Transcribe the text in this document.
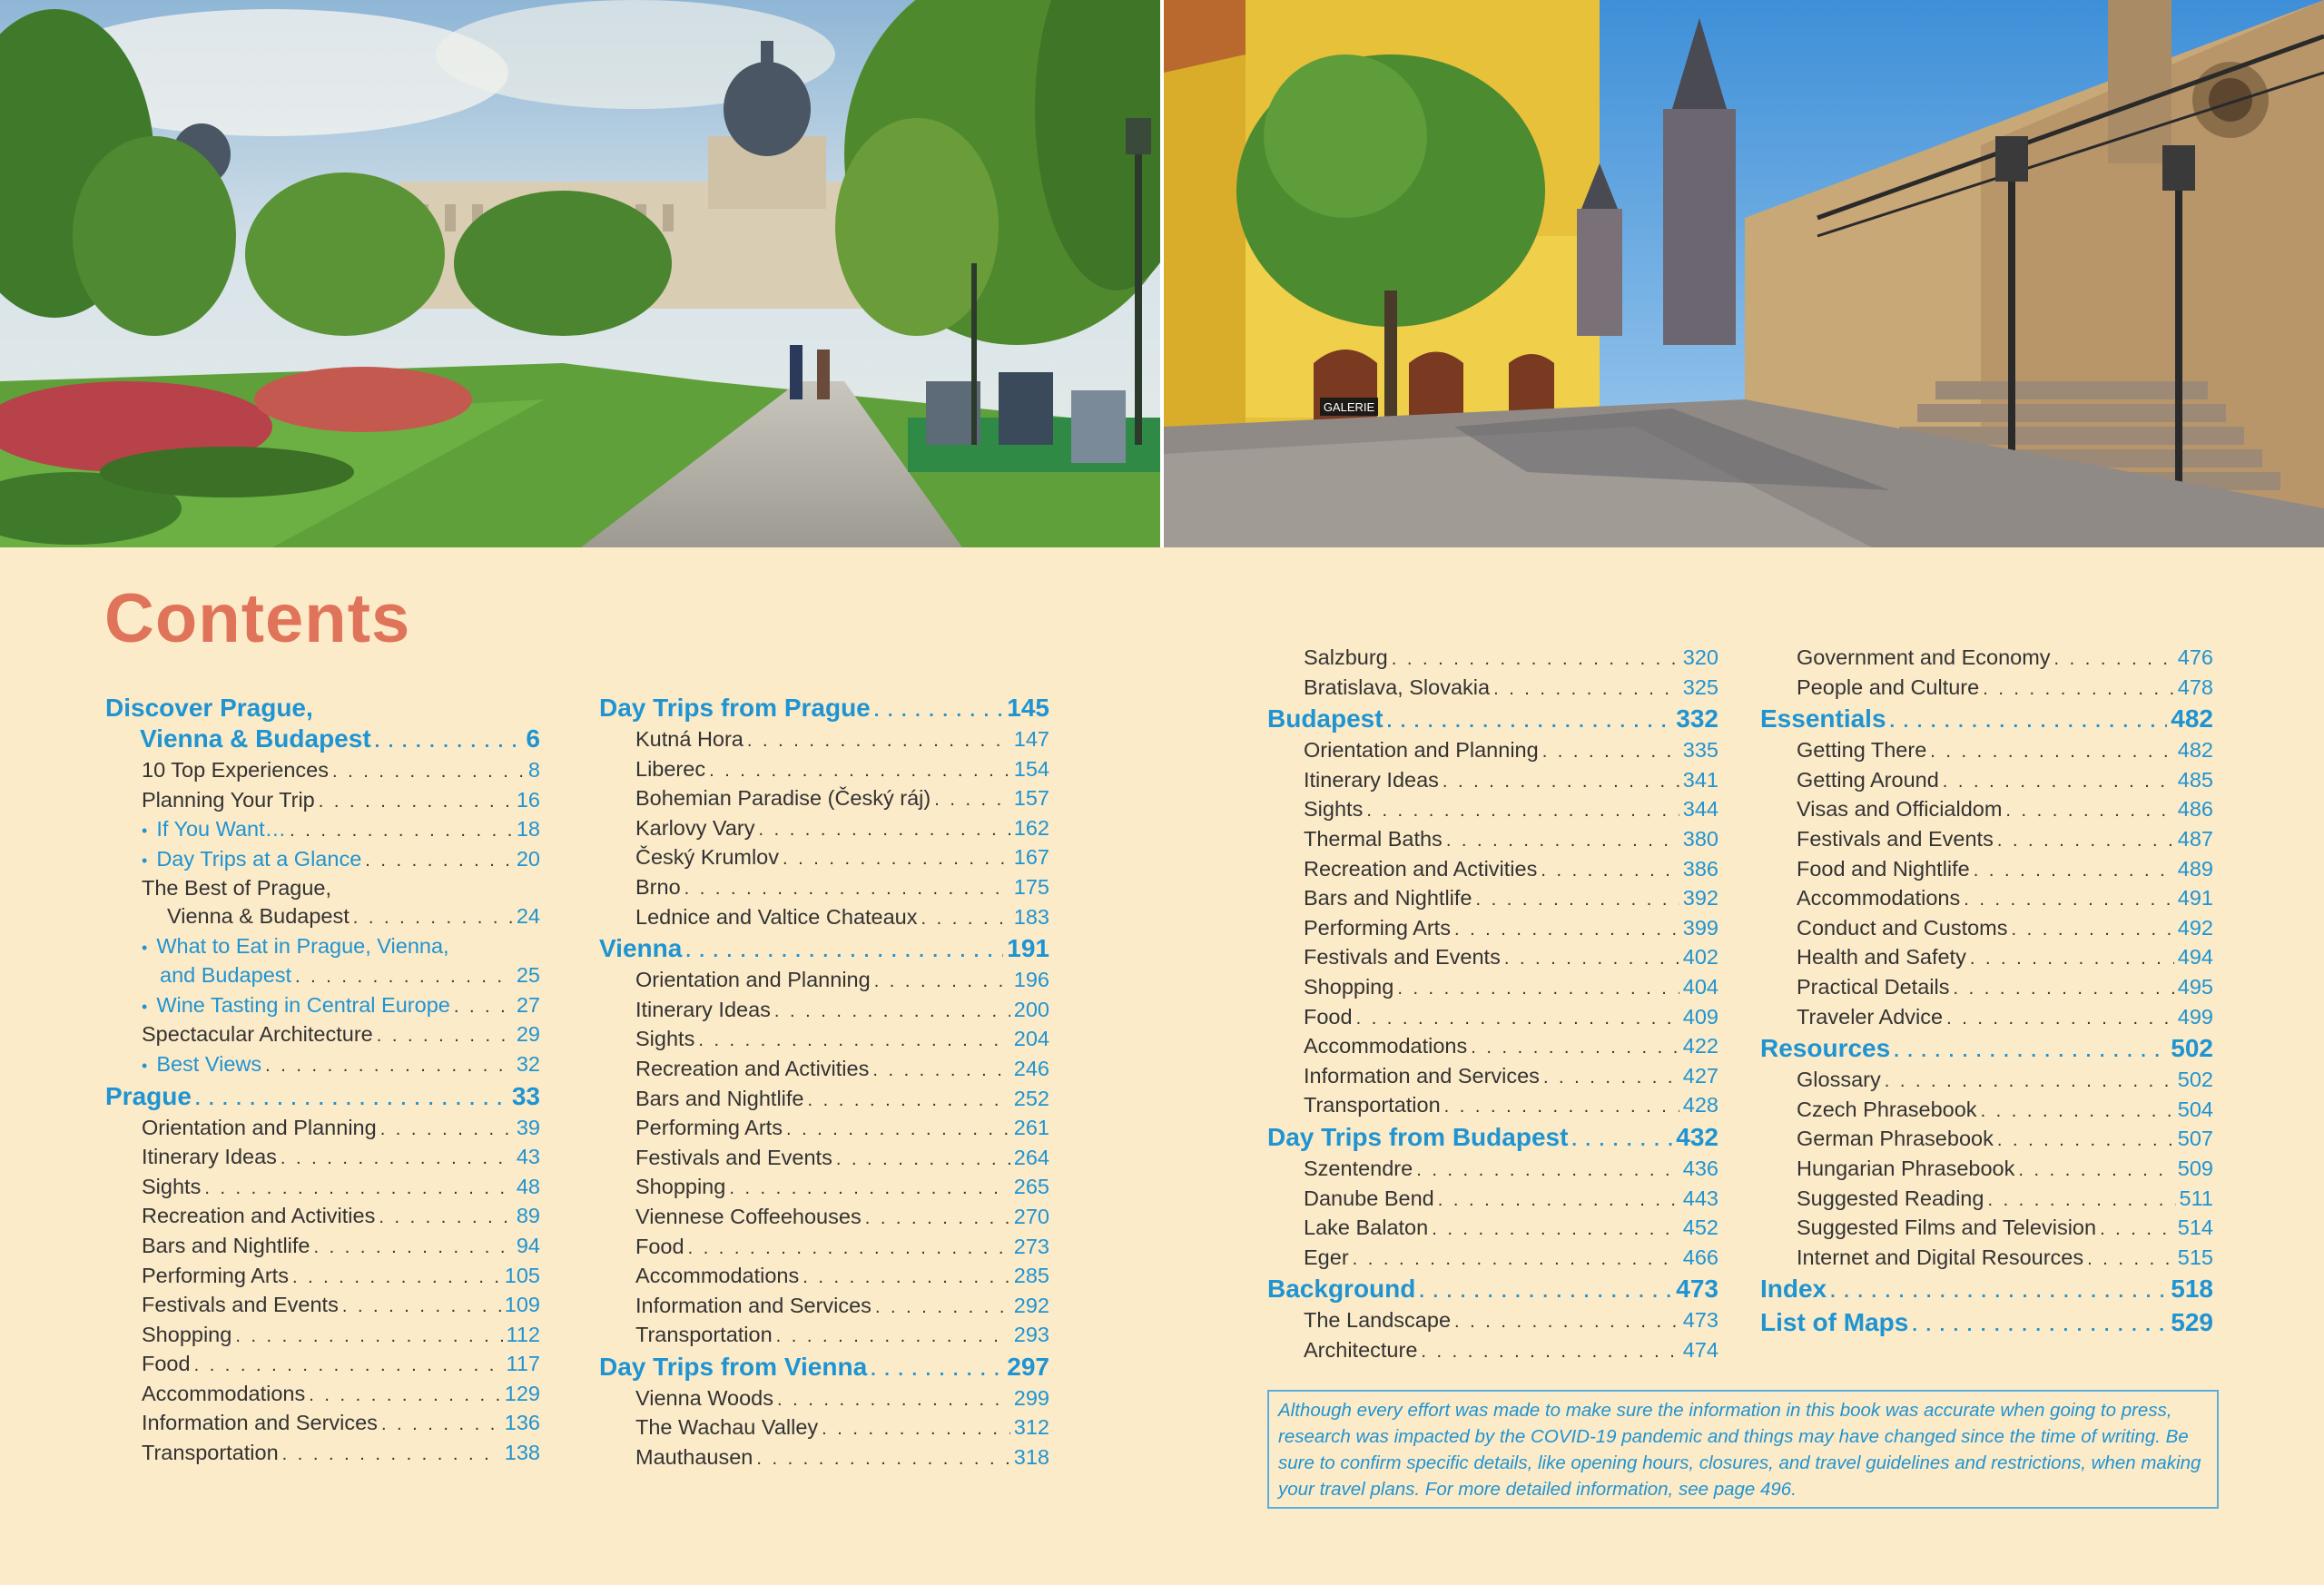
GALERIE
Contents
Discover Prague,
Vienna & Budapest . . .	6
10 Top Experiences . . .	8
Planning Your Trip . . .	16
• If You Want… . . .	18
• Day Trips at a Glance . . .	20
The Best of Prague,
Vienna & Budapest . . .	24
• What to Eat in Prague, Vienna,
and Budapest . . .	25
• Wine Tasting in Central Europe . . .	27
Spectacular Architecture . . .	29
• Best Views . . .	32
Prague . . .	33
Orientation and Planning . . .	39
Itinerary Ideas . . .	43
Sights . . .	48
Recreation and Activities . . .	89
Bars and Nightlife . . .	94
Performing Arts . . .	105
Festivals and Events . . .	109
Shopping . . .	112
Food . . .	117
Accommodations . . .	129
Information and Services . . .	136
Transportation . . .	138
Day Trips from Prague . . .	145
Kutná Hora . . .	147
Liberec . . .	154
Bohemian Paradise (Český ráj) . . .	157
Karlovy Vary . . .	162
Český Krumlov . . .	167
Brno . . .	175
Lednice and Valtice Chateaux . . .	183
Vienna . . .	191
Orientation and Planning . . .	196
Itinerary Ideas . . .	200
Sights . . .	204
Recreation and Activities . . .	246
Bars and Nightlife . . .	252
Performing Arts . . .	261
Festivals and Events . . .	264
Shopping . . .	265
Viennese Coffeehouses . . .	270
Food . . .	273
Accommodations . . .	285
Information and Services . . .	292
Transportation . . .	293
Day Trips from Vienna . . .	297
Vienna Woods . . .	299
The Wachau Valley . . .	312
Mauthausen . . .	318
Salzburg . . .	320
Bratislava, Slovakia . . .	325
Budapest . . .	332
Orientation and Planning . . .	335
Itinerary Ideas . . .	341
Sights . . .	344
Thermal Baths . . .	380
Recreation and Activities . . .	386
Bars and Nightlife . . .	392
Performing Arts . . .	399
Festivals and Events . . .	402
Shopping . . .	404
Food . . .	409
Accommodations . . .	422
Information and Services . . .	427
Transportation . . .	428
Day Trips from Budapest . . .	432
Szentendre . . .	436
Danube Bend . . .	443
Lake Balaton . . .	452
Eger . . .	466
Background . . .	473
The Landscape . . .	473
Architecture . . .	474
Government and Economy . . .	476
People and Culture . . .	478
Essentials . . .	482
Getting There . . .	482
Getting Around . . .	485
Visas and Officialdom . . .	486
Festivals and Events . . .	487
Food and Nightlife . . .	489
Accommodations . . .	491
Conduct and Customs . . .	492
Health and Safety . . .	494
Practical Details . . .	495
Traveler Advice . . .	499
Resources . . .	502
Glossary . . .	502
Czech Phrasebook . . .	504
German Phrasebook . . .	507
Hungarian Phrasebook . . .	509
Suggested Reading . . .	511
Suggested Films and Television . . .	514
Internet and Digital Resources . . .	515
Index . . .	518
List of Maps . . .	529
Although every effort was made to make sure the information in this book was accurate when going to press, research was impacted by the COVID-19 pandemic and things may have changed since the time of writing. Be sure to confirm specific details, like opening hours, closures, and travel guidelines and restrictions, when making your travel plans. For more detailed information, see page 496.
